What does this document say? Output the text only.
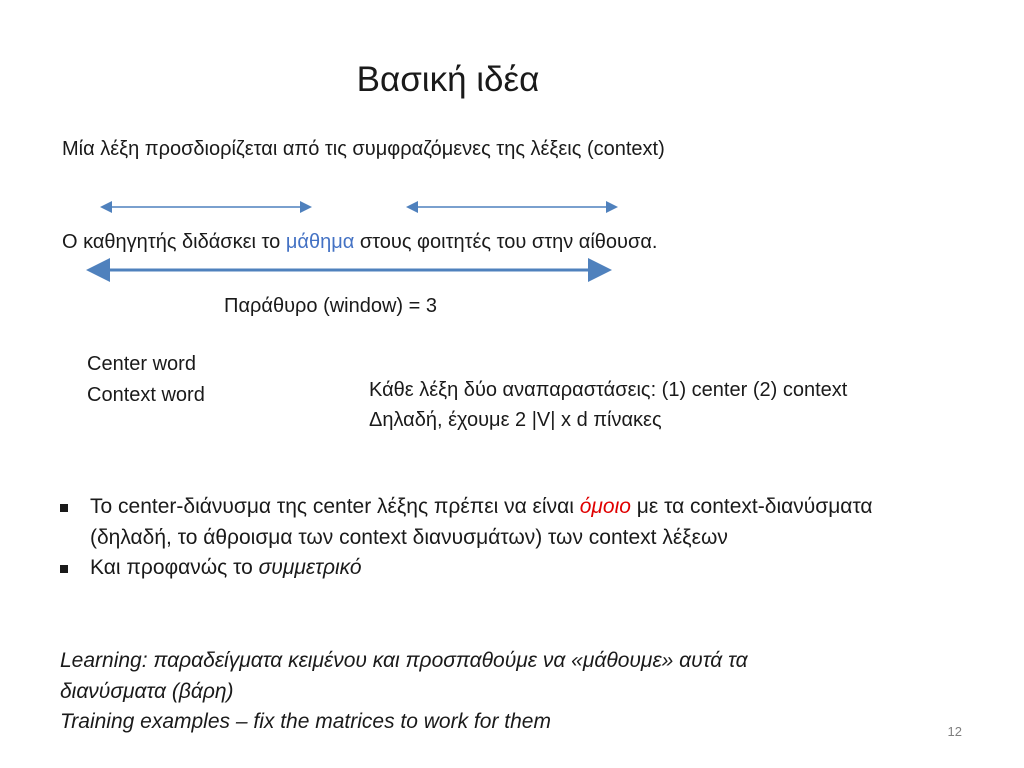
Βασική ιδέα
Μία λέξη προσδιορίζεται από τις συμφραζόμενες της λέξεις (context)
Ο καθηγητής διδάσκει το μάθημα στους φοιτητές του στην αίθουσα.
Παράθυρο (window) = 3
Center word
Context word	Κάθε λέξη δύο αναπαραστάσεις: (1) center (2) context
Δηλαδή, έχουμε 2 |V| x d πίνακες
Το center-διάνυσμα της center λέξης πρέπει να είναι όμοιο με τα context-διανύσματα (δηλαδή, το άθροισμα των context διανυσμάτων) των context λέξεων
Και προφανώς το συμμετρικό
Learning: παραδείγματα κειμένου και προσπαθούμε να «μάθουμε» αυτά τα
διανύσματα (βάρη)
Training examples – fix the matrices to work for them	12
